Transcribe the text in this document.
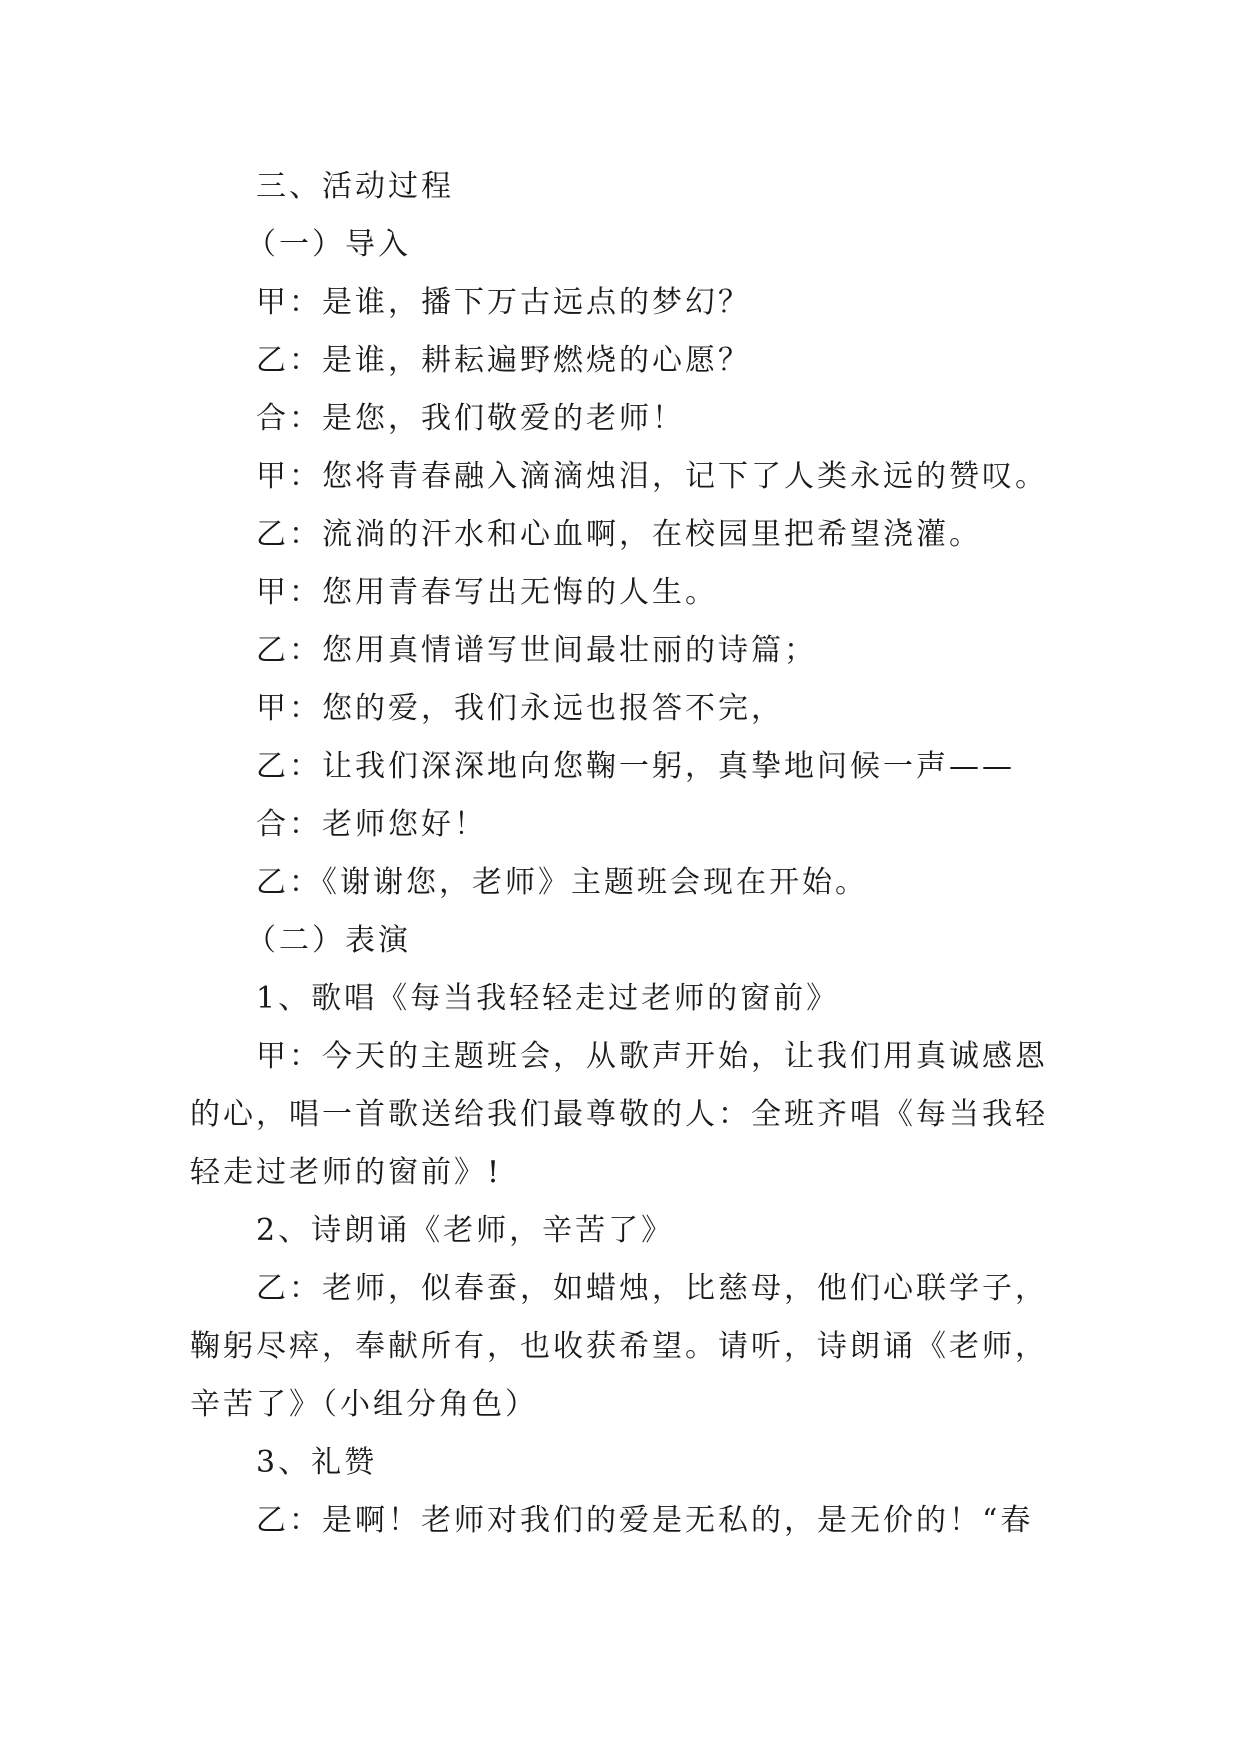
三、活动过程
（一）导入
甲：是谁，播下万古远点的梦幻？
乙：是谁，耕耘遍野燃烧的心愿？
合：是您，我们敬爱的老师！
甲：您将青春融入滴滴烛泪，记下了人类永远的赞叹。
乙：流淌的汗水和心血啊，在校园里把希望浇灌。
甲：您用青春写出无悔的人生。
乙：您用真情谱写世间最壮丽的诗篇；
甲：您的爱，我们永远也报答不完，
乙：让我们深深地向您鞠一躬，真挚地问候一声——
合：老师您好！
乙：《谢谢您，老师》主题班会现在开始。
（二）表演
1、歌唱《每当我轻轻走过老师的窗前》
甲：今天的主题班会，从歌声开始，让我们用真诚感恩
的心，唱一首歌送给我们最尊敬的人：全班齐唱《每当我轻
轻走过老师的窗前》!
2、诗朗诵《老师，辛苦了》
乙：老师，似春蚕，如蜡烛，比慈母，他们心联学子，
鞠躬尽瘁，奉献所有，也收获希望。请听，诗朗诵《老师，
辛苦了》（小组分角色）
3、礼赞
乙：是啊！老师对我们的爱是无私的，是无价的！“春
